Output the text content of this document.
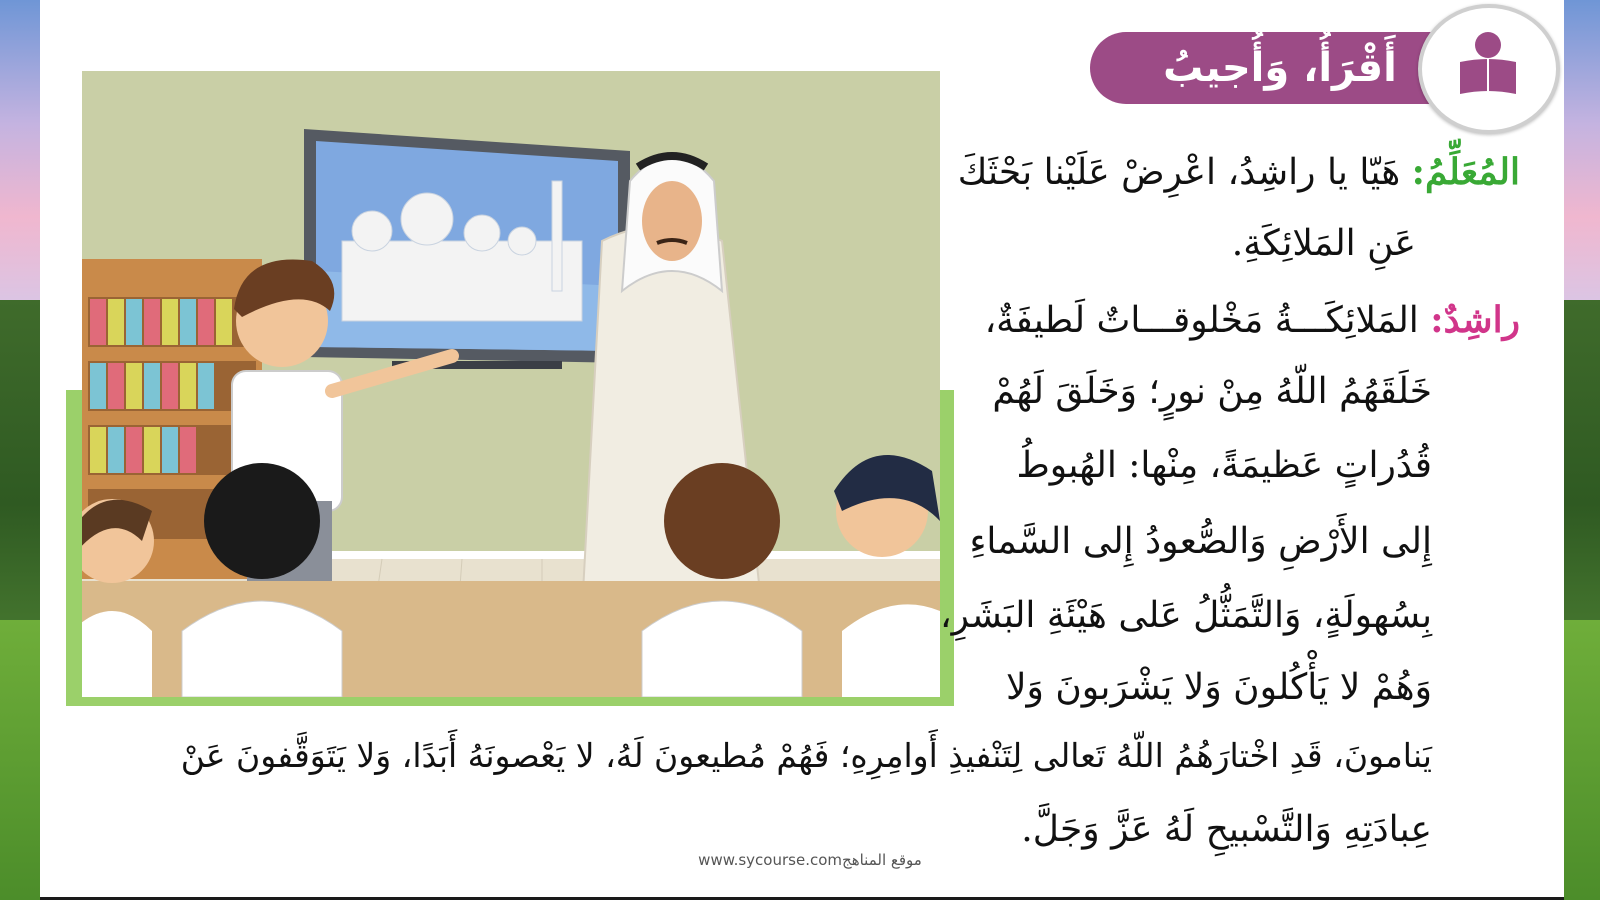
أَقْرَأُ، وَأُجيبُ
المُعَلِّمُ: هَيّا يا راشِدُ، اعْرِضْ عَلَيْنا بَحْثَكَ
عَنِ المَلائِكَةِ.
راشِدٌ: المَلائِكَـــةُ مَخْلوقـــاتٌ لَطيفَةٌ،
خَلَقَهُمُ اللّهُ مِنْ نورٍ؛ وَخَلَقَ لَهُمْ
قُدُراتٍ عَظيمَةً، مِنْها: الهُبوطُ
إِلى الأَرْضِ وَالصُّعودُ إِلى السَّماءِ
بِسُهولَةٍ، وَالتَّمَثُّلُ عَلى هَيْئَةِ البَشَرِ،
وَهُمْ لا يَأْكُلونَ وَلا يَشْرَبونَ وَلا
يَنامونَ، قَدِ اخْتارَهُمُ اللّهُ تَعالى لِتَنْفيذِ أَوامِرِهِ؛ فَهُمْ مُطيعونَ لَهُ، لا يَعْصونَهُ أَبَدًا، وَلا يَتَوَقَّفونَ عَنْ
عِبادَتِهِ وَالتَّسْبيحِ لَهُ عَزَّ وَجَلَّ.
www.sycourse.comموقع المناهج
